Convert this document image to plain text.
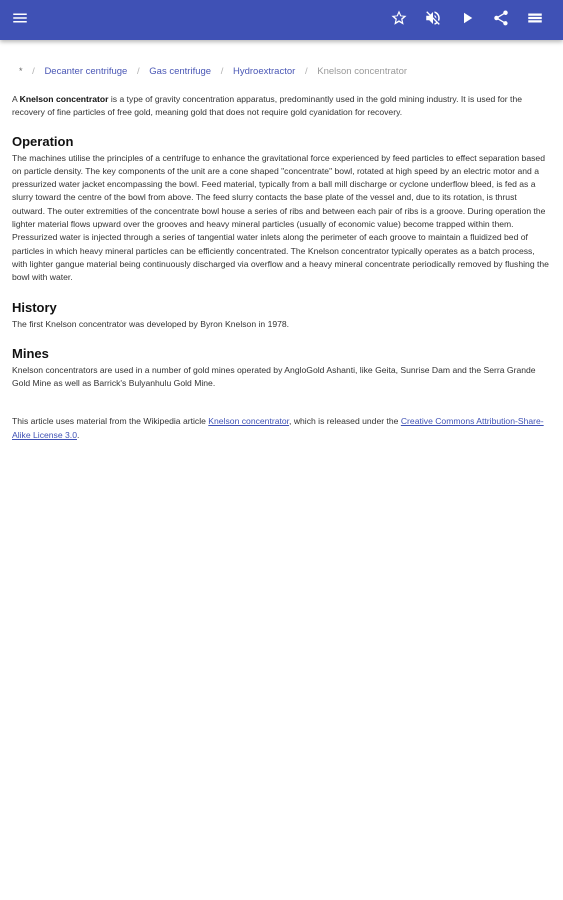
* / Decanter centrifuge / Gas centrifuge / Hydroextractor / Knelson concentrator

A Knelson concentrator is a type of gravity concentration apparatus, predominantly used in the gold mining industry. It is used for the recovery of fine particles of free gold, meaning gold that does not require gold cyanidation for recovery.

Operation

The machines utilise the principles of a centrifuge to enhance the gravitational force experienced by feed particles to effect separation based on particle density. The key components of the unit are a cone shaped "concentrate" bowl, rotated at high speed by an electric motor and a pressurized water jacket encompassing the bowl. Feed material, typically from a ball mill discharge or cyclone underflow bleed, is fed as a slurry toward the centre of the bowl from above. The feed slurry contacts the base plate of the vessel and, due to its rotation, is thrust outward. The outer extremities of the concentrate bowl house a series of ribs and between each pair of ribs is a groove. During operation the lighter material flows upward over the grooves and heavy mineral particles (usually of economic value) become trapped within them. Pressurized water is injected through a series of tangential water inlets along the perimeter of each groove to maintain a fluidized bed of particles in which heavy mineral particles can be efficiently concentrated. The Knelson concentrator typically operates as a batch process, with lighter gangue material being continuously discharged via overflow and a heavy mineral concentrate periodically removed by flushing the bowl with water.

History

The first Knelson concentrator was developed by Byron Knelson in 1978.

Mines

Knelson concentrators are used in a number of gold mines operated by AngloGold Ashanti, like Geita, Sunrise Dam and the Serra Grande Gold Mine as well as Barrick's Bulyanhulu Gold Mine.

This article uses material from the Wikipedia article Knelson concentrator, which is released under the Creative Commons Attribution-Share-Alike License 3.0.
